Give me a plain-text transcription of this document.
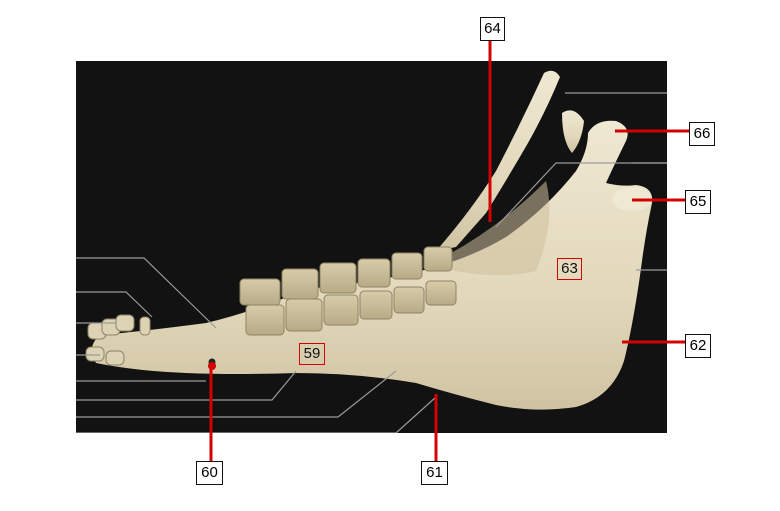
64
66
65
63
62
59
60	61
